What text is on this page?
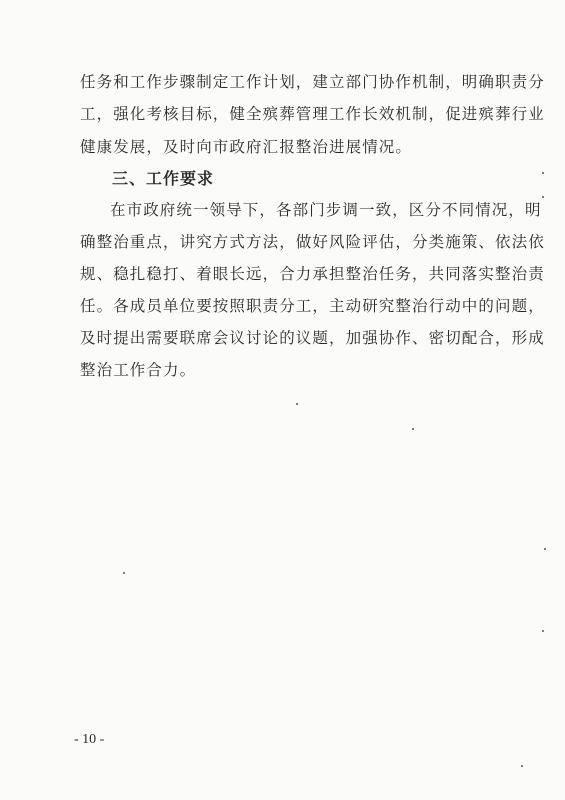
任务和工作步骤制定工作计划，建立部门协作机制，明确职责分
工，强化考核目标，健全殡葬管理工作长效机制，促进殡葬行业
健康发展，及时向市政府汇报整治进展情况。
三、工作要求
在市政府统一领导下，各部门步调一致，区分不同情况，明
确整治重点，讲究方式方法，做好风险评估，分类施策、依法依
规、稳扎稳打、着眼长远，合力承担整治任务，共同落实整治责
任。各成员单位要按照职责分工，主动研究整治行动中的问题，
及时提出需要联席会议讨论的议题，加强协作、密切配合，形成
整治工作合力。
- 10 -
